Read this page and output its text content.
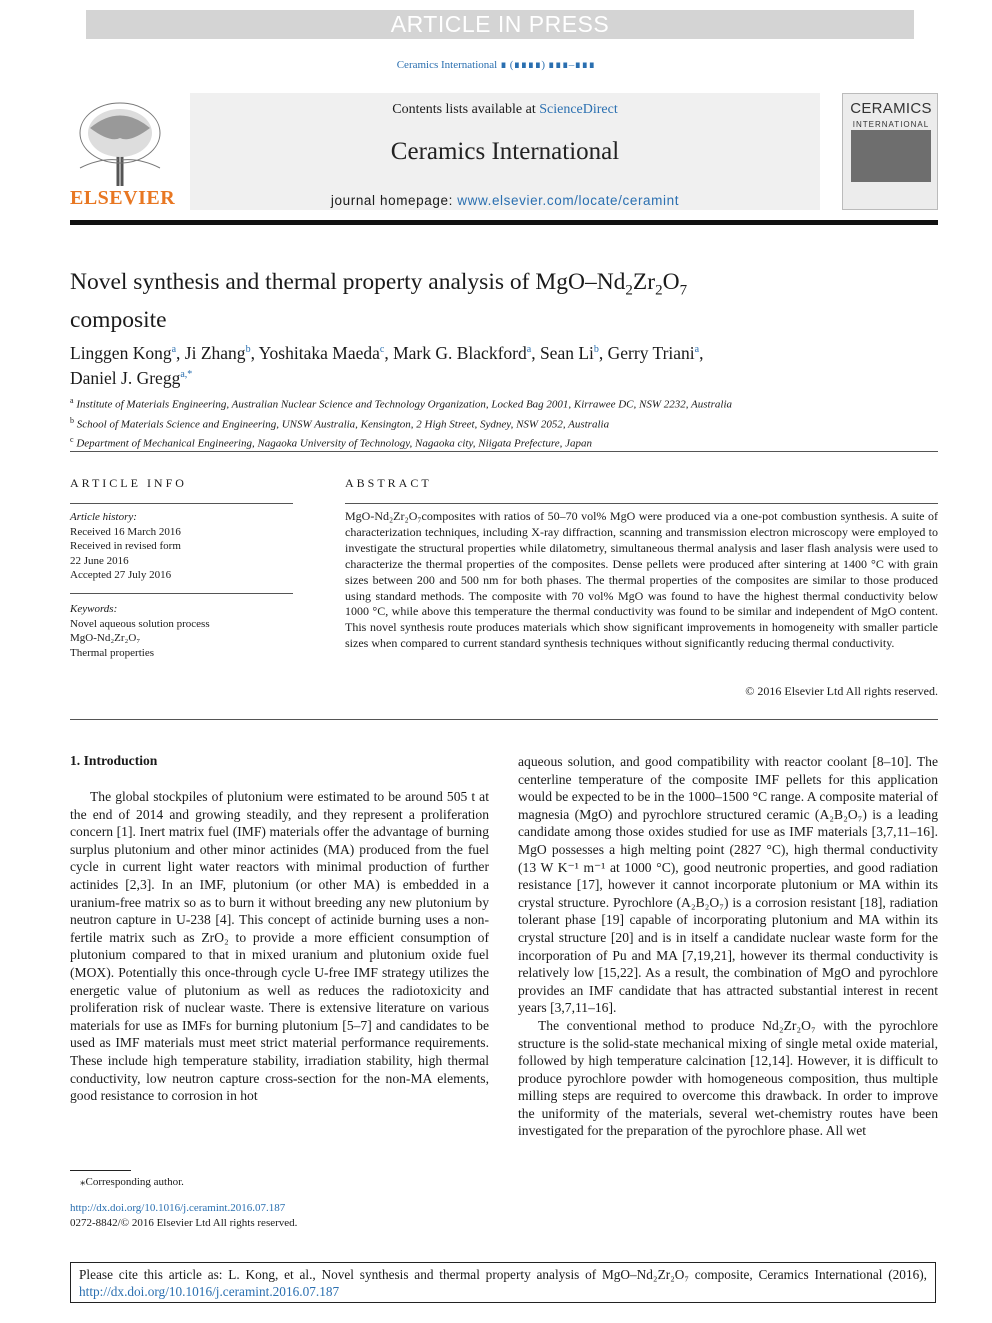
ARTICLE IN PRESS
Ceramics International ∎ (∎∎∎∎) ∎∎∎–∎∎∎
ELSEVIER
Contents lists available at ScienceDirect
Ceramics International
journal homepage: www.elsevier.com/locate/ceramint
CERAMICS
INTERNATIONAL
Novel synthesis and thermal property analysis of MgO–$Nd_2Zr_2O_7$
composite
Linggen Kong$^a$, Ji Zhang$^b$, Yoshitaka Maeda$^c$, Mark G. Blackford$^a$, Sean Li$^b$, Gerry Triani$^a$,
Daniel J. Gregg$^{a,*}$
$^a$ Institute of Materials Engineering, Australian Nuclear Science and Technology Organization, Locked Bag 2001, Kirrawee DC, NSW 2232, Australia
$^b$ School of Materials Science and Engineering, UNSW Australia, Kensington, 2 High Street, Sydney, NSW 2052, Australia
$^c$ Department of Mechanical Engineering, Nagaoka University of Technology, Nagaoka city, Niigata Prefecture, Japan
ARTICLE INFO
Article history:
Received 16 March 2016
Received in revised form
22 June 2016
Accepted 27 July 2016
Keywords:
Novel aqueous solution process
MgO-Nd₂Zr₂O₇
Thermal properties
ABSTRACT
MgO-Nd₂Zr₂O₇composites with ratios of 50–70 vol% MgO were produced via a one-pot combustion synthesis. A suite of characterization techniques, including X-ray diffraction, scanning and transmission electron microscopy were employed to investigate the structural properties while dilatometry, simultaneous thermal analysis and laser flash analysis were used to characterize the thermal properties of the composites. Dense pellets were produced after sintering at 1400 °C with grain sizes between 200 and 500 nm for both phases. The thermal properties of the composites are similar to those produced using standard methods. The composite with 70 vol% MgO was found to have the highest thermal conductivity below 1000 °C, while above this temperature the thermal conductivity was found to be similar and independent of MgO content. This novel synthesis route produces materials which show significant improvements in homogeneity with smaller particle sizes when compared to current standard synthesis techniques without significantly reducing thermal conductivity.
© 2016 Elsevier Ltd All rights reserved.
1. Introduction

The global stockpiles of plutonium were estimated to be around 505 t at the end of 2014 and growing steadily, and they represent a proliferation concern [1]. Inert matrix fuel (IMF) materials offer the advantage of burning surplus plutonium and other minor actinides (MA) produced from the fuel cycle in current light water reactors with minimal production of further actinides [2,3]. In an IMF, plutonium (or other MA) is embedded in a uranium-free matrix so as to burn it without breeding any new plutonium by neutron capture in U-238 [4]. This concept of actinide burning uses a non-fertile matrix such as ZrO₂ to provide a more efficient consumption of plutonium compared to that in mixed uranium and plutonium oxide fuel (MOX). Potentially this once-through cycle U-free IMF strategy utilizes the energetic value of plutonium as well as reduces the radiotoxicity and proliferation risk of nuclear waste. There is extensive literature on various materials for use as IMFs for burning plutonium [5–7] and candidates to be used as IMF materials must meet strict material performance requirements. These include high temperature stability, irradiation stability, high thermal conductivity, low neutron capture cross-section for the non-MA elements, good resistance to corrosion in hot

aqueous solution, and good compatibility with reactor coolant [8–10]. The centerline temperature of the composite IMF pellets for this application would be expected to be in the 1000–1500 °C range. A composite material of magnesia (MgO) and pyrochlore structured ceramic (A₂B₂O₇) is a leading candidate among those oxides studied for use as IMF materials [3,7,11–16]. MgO possesses a high melting point (2827 °C), high thermal conductivity (13 W K⁻¹ m⁻¹ at 1000 °C), good neutronic properties, and good radiation resistance [17], however it cannot incorporate plutonium or MA within its crystal structure. Pyrochlore (A₂B₂O₇) is a corrosion resistant [18], radiation tolerant phase [19] capable of incorporating plutonium and MA within its crystal structure [20] and is in itself a candidate nuclear waste form for the incorporation of Pu and MA [7,19,21], however its thermal conductivity is relatively low [15,22]. As a result, the combination of MgO and pyrochlore provides an IMF candidate that has attracted substantial interest in recent years [3,7,11–16].

The conventional method to produce Nd₂Zr₂O₇ with the pyrochlore structure is the solid-state mechanical mixing of single metal oxide material, followed by high temperature calcination [12,14]. However, it is difficult to produce pyrochlore powder with homogeneous composition, thus multiple milling steps are required to overcome this drawback. In order to improve the uniformity of the materials, several wet-chemistry routes have been investigated for the preparation of the pyrochlore phase. All wet

⁎Corresponding author.
http://dx.doi.org/10.1016/j.ceramint.2016.07.187
0272-8842/© 2016 Elsevier Ltd All rights reserved.
Please cite this article as: L. Kong, et al., Novel synthesis and thermal property analysis of MgO–Nd₂Zr₂O₇ composite, Ceramics International (2016), http://dx.doi.org/10.1016/j.ceramint.2016.07.187
